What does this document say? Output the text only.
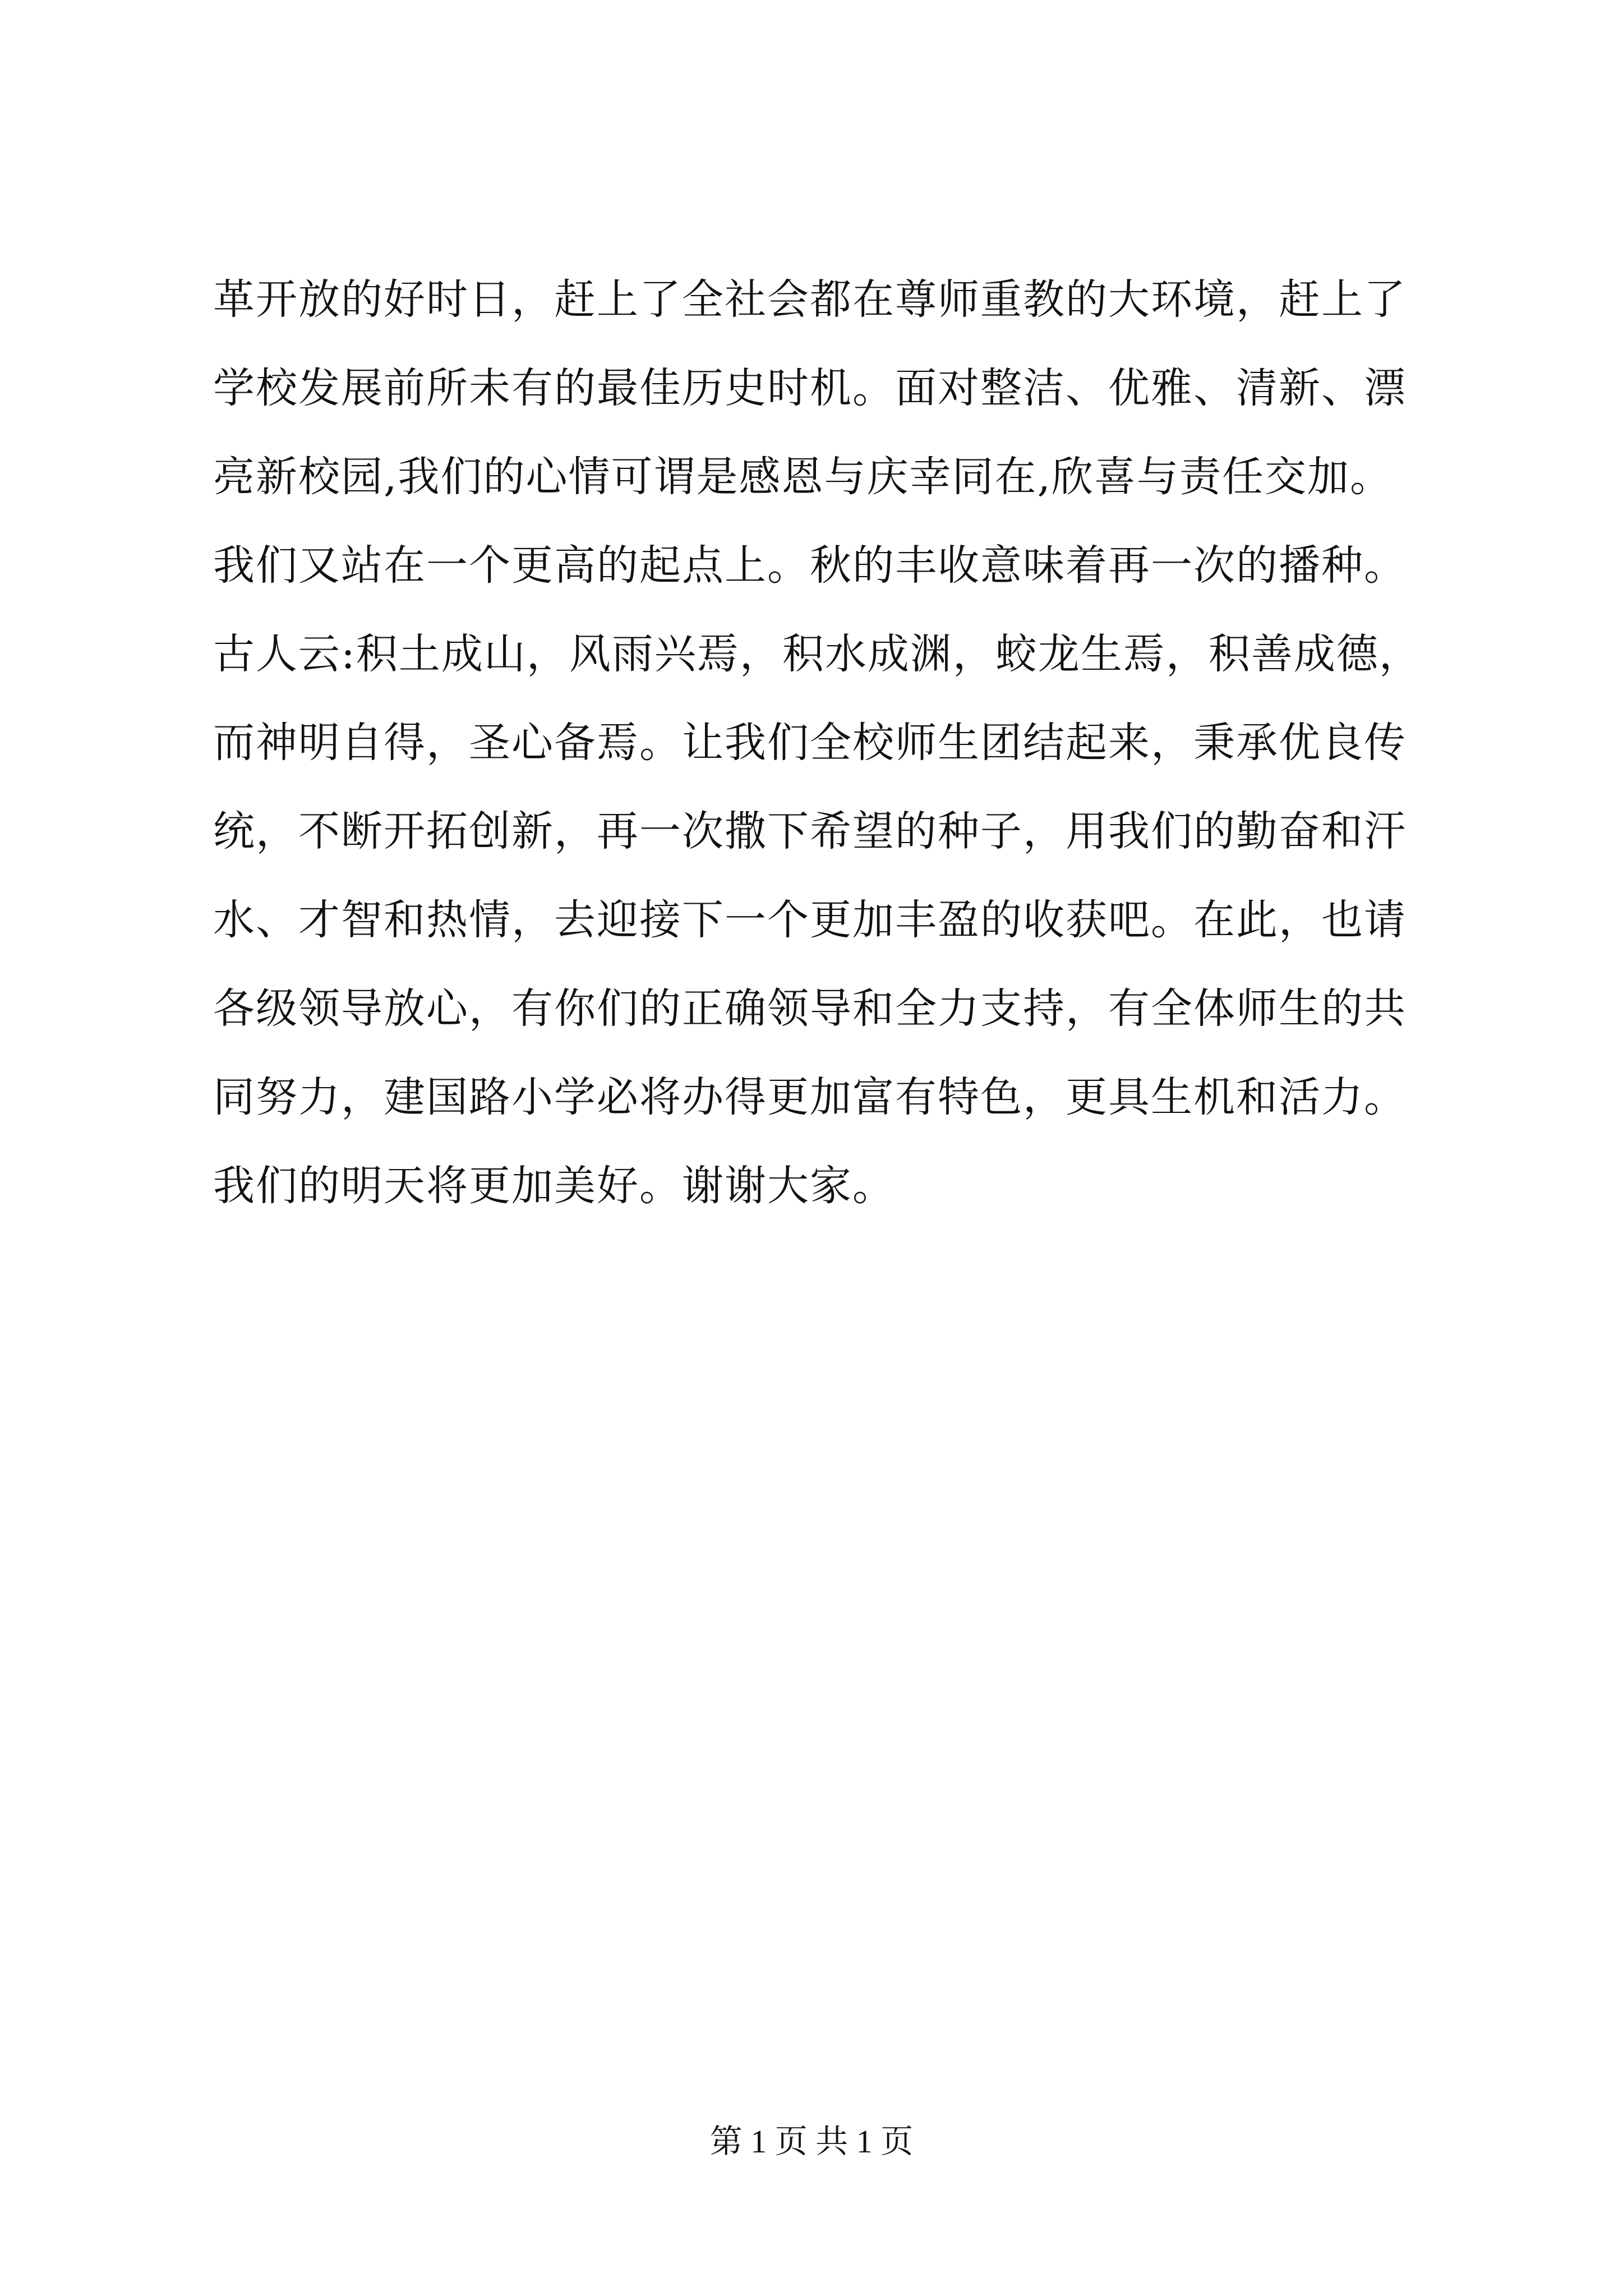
革开放的好时日，赶上了全社会都在尊师重教的大环境，赶上了
学校发展前所未有的最佳历史时机。面对整洁、优雅、清新、漂
亮新校园,我们的心情可谓是感恩与庆幸同在,欣喜与责任交加。
我们又站在一个更高的起点上。秋的丰收意味着再一次的播种。
古人云:积土成山，风雨兴焉，积水成渊，蛟龙生焉，积善成德，
而神明自得，圣心备焉。让我们全校师生团结起来，秉承优良传
统，不断开拓创新，再一次撒下希望的种子，用我们的勤奋和汗
水、才智和热情，去迎接下一个更加丰盈的收获吧。在此，也请
各级领导放心，有你们的正确领导和全力支持，有全体师生的共
同努力，建国路小学必将办得更加富有特色，更具生机和活力。
我们的明天将更加美好。谢谢大家。
第 1 页 共 1 页
